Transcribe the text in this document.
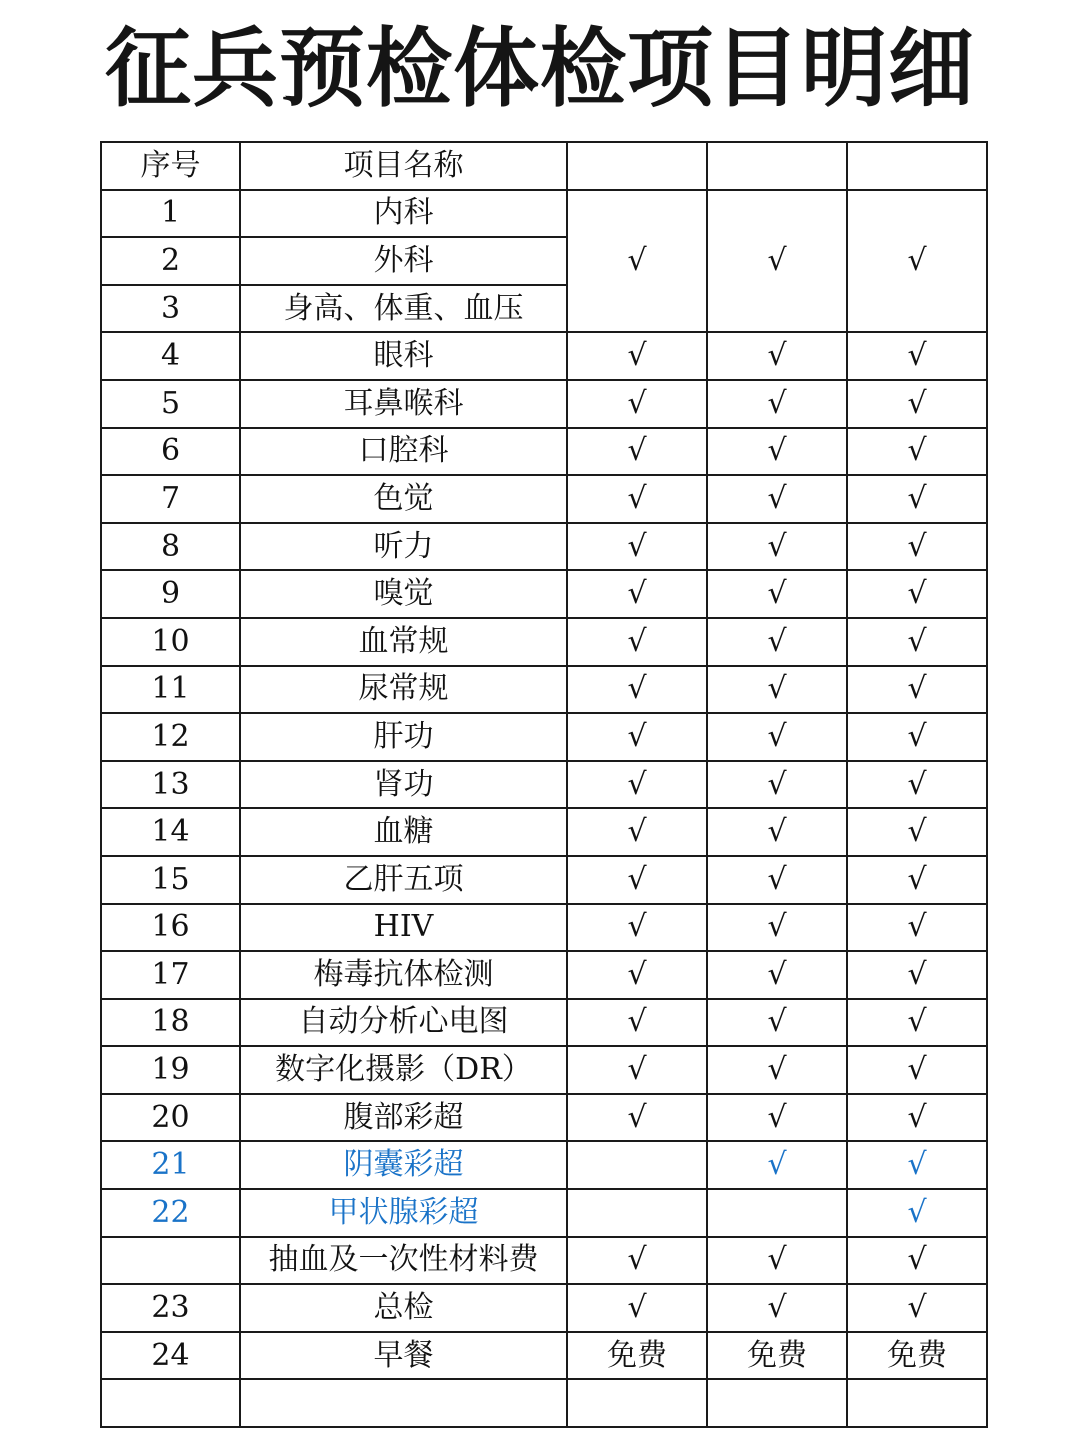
征兵预检体检项目明细
序号	项目名称			
1	内科	√	√	√
2	外科			
3	身高、体重、血压			
4	眼科	√	√	√
5	耳鼻喉科	√	√	√
6	口腔科	√	√	√
7	色觉	√	√	√
8	听力	√	√	√
9	嗅觉	√	√	√
10	血常规	√	√	√
11	尿常规	√	√	√
12	肝功	√	√	√
13	肾功	√	√	√
14	血糖	√	√	√
15	乙肝五项	√	√	√
16	HIV	√	√	√
17	梅毒抗体检测	√	√	√
18	自动分析心电图	√	√	√
19	数字化摄影（DR）	√	√	√
20	腹部彩超	√	√	√
21	阴囊彩超		√	√
22	甲状腺彩超			√
	抽血及一次性材料费	√	√	√
23	总检	√	√	√
24	早餐	免费	免费	免费
